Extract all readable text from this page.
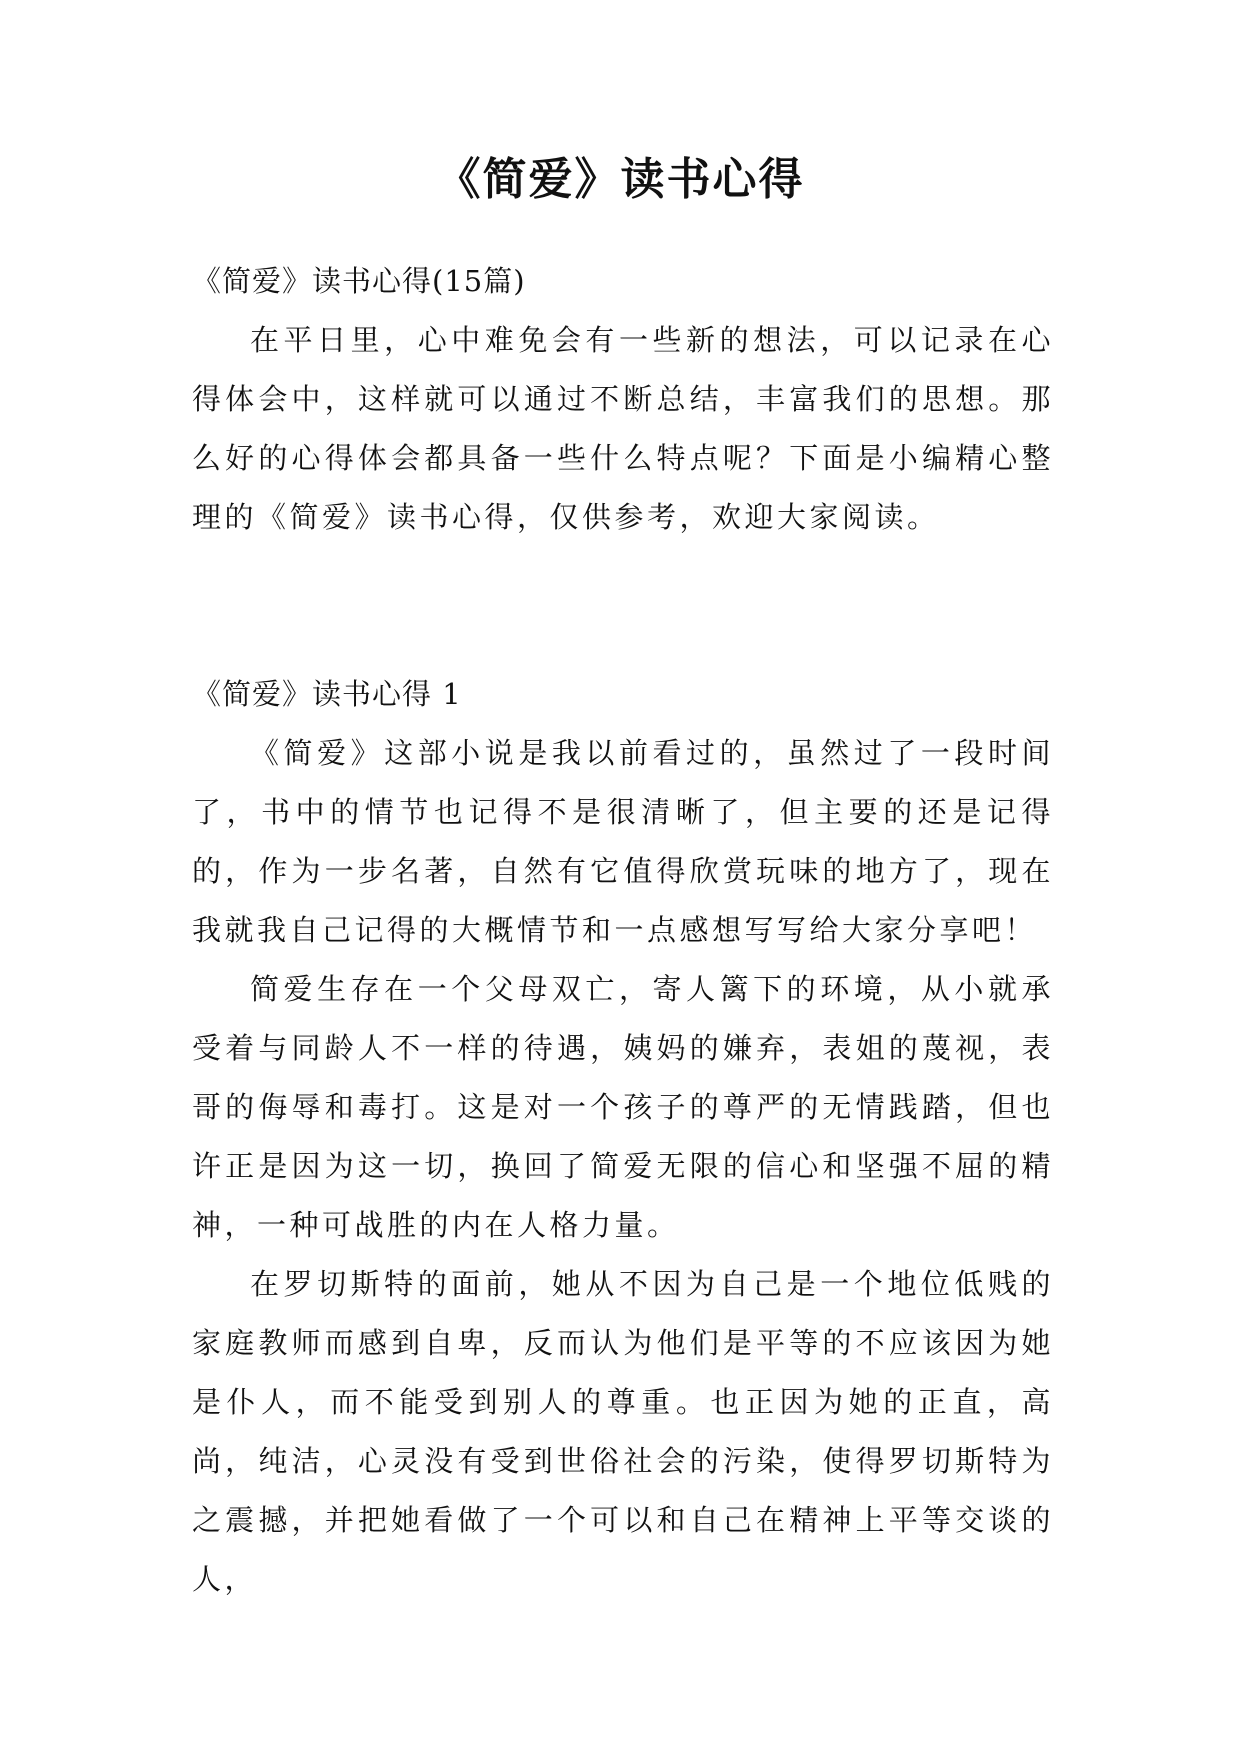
《简爱》读书心得

《简爱》读书心得(15篇)

在平日里，心中难免会有一些新的想法，可以记录在心得体会中，这样就可以通过不断总结，丰富我们的思想。那么好的心得体会都具备一些什么特点呢？下面是小编精心整理的《简爱》读书心得，仅供参考，欢迎大家阅读。

《简爱》读书心得 1

《简爱》这部小说是我以前看过的，虽然过了一段时间了，书中的情节也记得不是很清晰了，但主要的还是记得的，作为一步名著，自然有它值得欣赏玩味的地方了，现在我就我自己记得的大概情节和一点感想写写给大家分享吧！

简爱生存在一个父母双亡，寄人篱下的环境，从小就承受着与同龄人不一样的待遇，姨妈的嫌弃，表姐的蔑视，表哥的侮辱和毒打。这是对一个孩子的尊严的无情践踏，但也许正是因为这一切，换回了简爱无限的信心和坚强不屈的精神，一种可战胜的内在人格力量。

在罗切斯特的面前，她从不因为自己是一个地位低贱的家庭教师而感到自卑，反而认为他们是平等的不应该因为她是仆人，而不能受到别人的尊重。也正因为她的正直，高尚，纯洁，心灵没有受到世俗社会的污染，使得罗切斯特为之震撼，并把她看做了一个可以和自己在精神上平等交谈的人，
